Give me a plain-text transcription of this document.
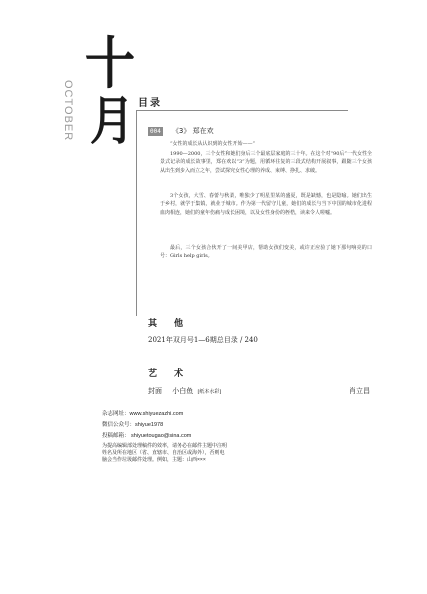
十
月
OCTOBER	目录
004 《3》 郑在欢
“女性的成长从认识到的女性开始——”
1990—2000，三个女性和她们身后三个最底层家庭的三十年。在这个对“90后”一代女性全景式记录的成长故事里，郑在欢以“3”为题，用循环往复的三段式结构开展叙事，跟随三个女孩从出生到步入而立之年，尝试探究女性心理的养成、束缚、挣扎、求破。
3个女孩，大雪、春蕾与秋柔，唯独少了明星里某的盛夏，既是缺憾，也是隐喻。她们出生于乡村，就学于集镇，就业于城市。作为第一代留守儿童，她们的成长与当下中国的城市化进程血肉相连，她们的童年伤痛与成长困境，以及女性身份的桎梏，读来令人嗟嘘。
最后，三个女孩合伙开了一间美甲店，帮助女孩们变美，或许正应验了她下那句响亮的口号：Girls help girls。
其　他
2021年双月号1—6期总目录 / 240
艺　术
封面 小白鱼 [纸本水彩]	肖立昌
杂志网址：www.shiyuezazhi.com
微信公众号：shiyue1978
投稿邮箱： shiyuetougao@sina.com
为提高编辑部处理稿件的效率，请务必在邮件主题中注明
姓名及所在地区（省、直辖市、自治区或海外），否则电
脑会当作垃圾邮件处理。例如，主题：山西×××
